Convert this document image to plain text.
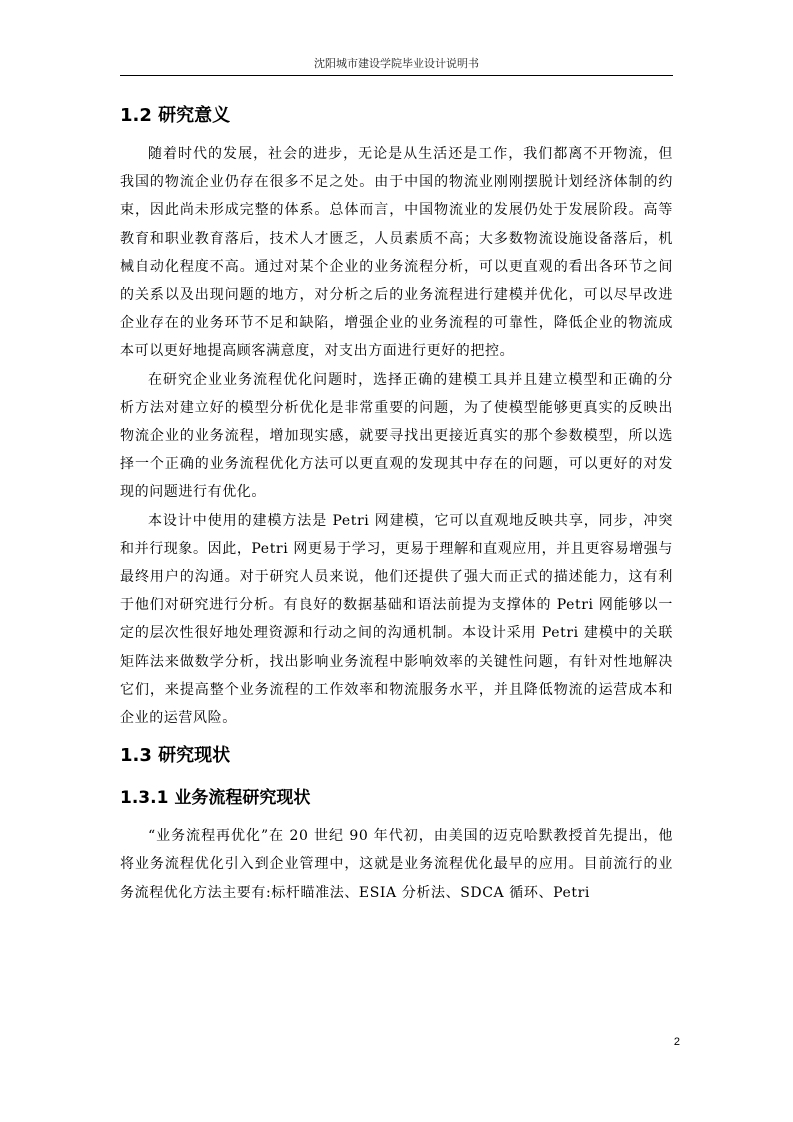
沈阳城市建设学院毕业设计说明书
1.2 研究意义

随着时代的发展，社会的进步，无论是从生活还是工作，我们都离不开物流，但我国的物流企业仍存在很多不足之处。由于中国的物流业刚刚摆脱计划经济体制的约束，因此尚未形成完整的体系。总体而言，中国物流业的发展仍处于发展阶段。高等教育和职业教育落后，技术人才匮乏，人员素质不高；大多数物流设施设备落后，机械自动化程度不高。通过对某个企业的业务流程分析，可以更直观的看出各环节之间的关系以及出现问题的地方，对分析之后的业务流程进行建模并优化，可以尽早改进企业存在的业务环节不足和缺陷，增强企业的业务流程的可靠性，降低企业的物流成本可以更好地提高顾客满意度，对支出方面进行更好的把控。

在研究企业业务流程优化问题时，选择正确的建模工具并且建立模型和正确的分析方法对建立好的模型分析优化是非常重要的问题，为了使模型能够更真实的反映出物流企业的业务流程，增加现实感，就要寻找出更接近真实的那个参数模型，所以选择一个正确的业务流程优化方法可以更直观的发现其中存在的问题，可以更好的对发现的问题进行有优化。

本设计中使用的建模方法是 Petri 网建模，它可以直观地反映共享，同步，冲突和并行现象。因此，Petri 网更易于学习，更易于理解和直观应用，并且更容易增强与最终用户的沟通。对于研究人员来说，他们还提供了强大而正式的描述能力，这有利于他们对研究进行分析。有良好的数据基础和语法前提为支撑体的 Petri 网能够以一定的层次性很好地处理资源和行动之间的沟通机制。本设计采用 Petri 建模中的关联矩阵法来做数学分析，找出影响业务流程中影响效率的关键性问题，有针对性地解决它们，来提高整个业务流程的工作效率和物流服务水平，并且降低物流的运营成本和企业的运营风险。

1.3 研究现状
1.3.1 业务流程研究现状

“业务流程再优化”在 20 世纪 90 年代初，由美国的迈克哈默教授首先提出，他将业务流程优化引入到企业管理中，这就是业务流程优化最早的应用。目前流行的业务流程优化方法主要有:标杆瞄准法、ESIA 分析法、SDCA 循环、Petri

2
